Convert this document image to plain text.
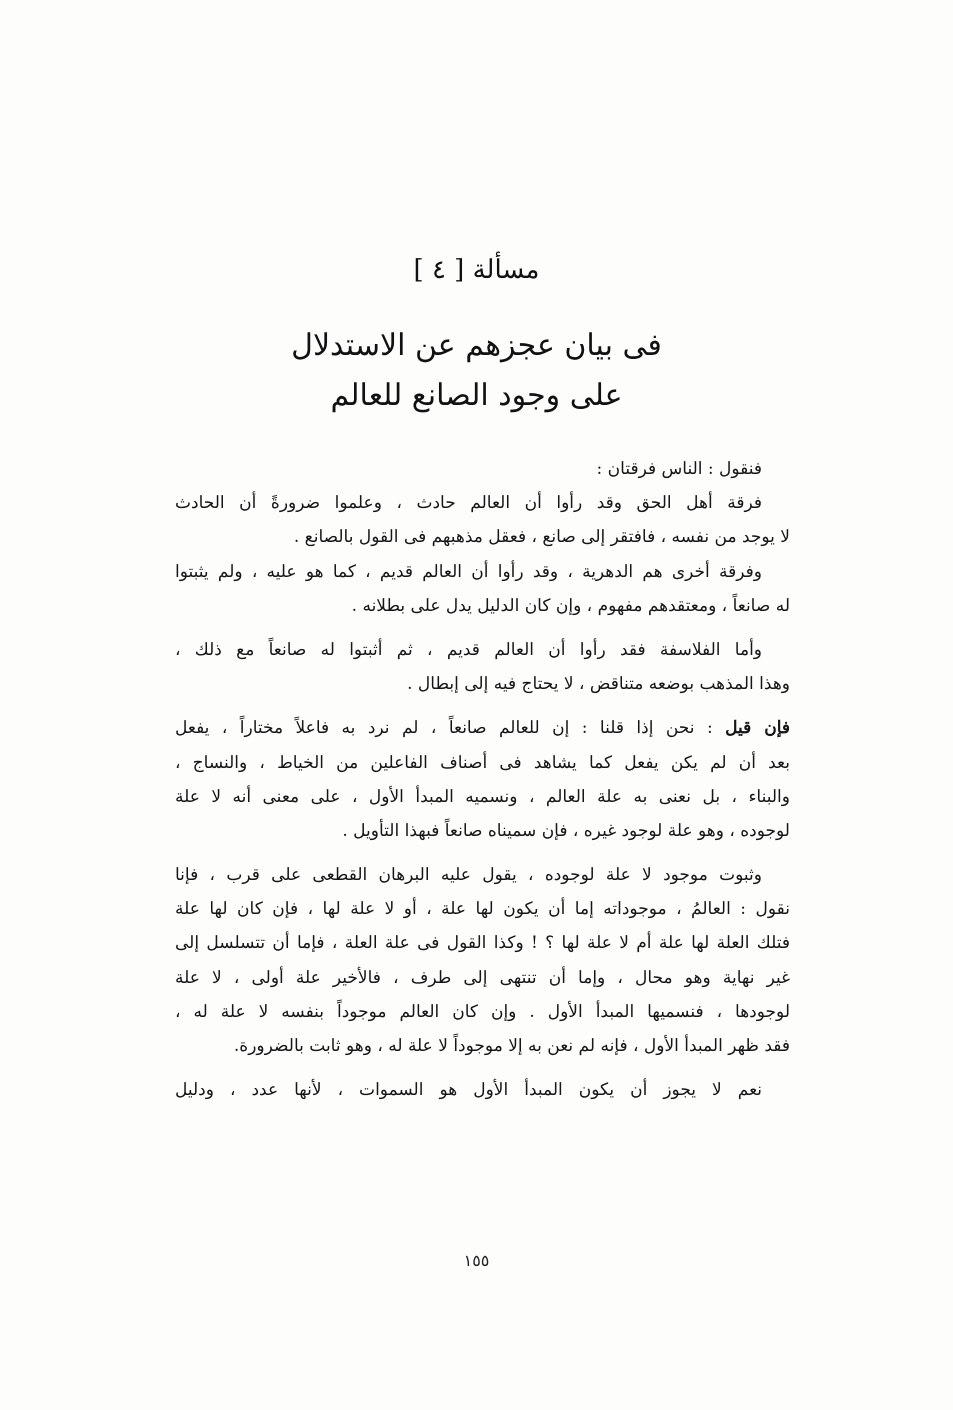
مسألة [ ٤ ]
فى بيان عجزهم عن الاستدلال
على وجود الصانع للعالم
فنقول : الناس فرقتان :
فرقة أهل الحق وقد رأوا أن العالم حادث ، وعلموا ضرورةً أن الحادث
لا يوجد من نفسه ، فافتقر إلى صانع ، فعقل مذهبهم فى القول بالصانع .
وفرقة أخرى هم الدهرية ، وقد رأوا أن العالم قديم ، كما هو عليه ، ولم يثبتوا
له صانعاً ، ومعتقدهم مفهوم ، وإن كان الدليل يدل على بطلانه .
وأما الفلاسفة فقد رأوا أن العالم قديم ، ثم أثبتوا له صانعاً مع ذلك ،
وهذا المذهب بوضعه متناقض ، لا يحتاج فيه إلى إبطال .
فإن قيل : نحن إذا قلنا : إن للعالم صانعاً ، لم نرد به فاعلاً مختاراً ، يفعل
بعد أن لم يكن يفعل كما يشاهد فى أصناف الفاعلين من الخياط ، والنساج ،
والبناء ، بل نعنى به علة العالم ، ونسميه المبدأ الأول ، على معنى أنه لا علة
لوجوده ، وهو علة لوجود غيره ، فإن سميناه صانعاً فبهذا التأويل .
وثبوت موجود لا علة لوجوده ، يقول عليه البرهان القطعى على قرب ، فإنا
نقول : العالمُ ، موجوداته إما أن يكون لها علة ، أو لا علة لها ، فإن كان لها علة
فتلك العلة لها علة أم لا علة لها ؟ ! وكذا القول فى علة العلة ، فإما أن تتسلسل إلى
غير نهاية وهو محال ، وإما أن تنتهى إلى طرف ، فالأخير علة أولى ، لا علة
لوجودها ، فنسميها المبدأ الأول . وإن كان العالم موجوداً بنفسه لا علة له ،
فقد ظهر المبدأ الأول ، فإنه لم نعن به إلا موجوداً لا علة له ، وهو ثابت بالضرورة.
نعم لا يجوز أن يكون المبدأ الأول هو السموات ، لأنها عدد ، ودليل
١٥٥
